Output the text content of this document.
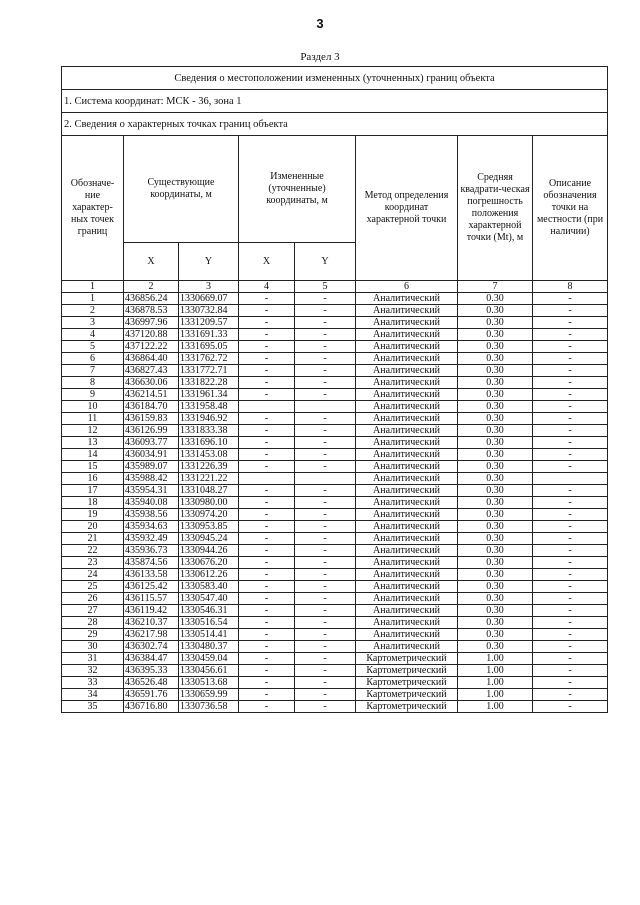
3
Раздел 3
Сведения о местоположении измененных (уточненных) границ объекта							
1. Система координат: МСК - 36, зона 1							
2. Сведения о характерных точках границ объекта							
Обозначе-ние характер-ных точек границ	Существующие координаты, м		Измененные (уточненные) координаты, м		Метод определения координат характерной точки	Средняя квадрати-ческая погрешность положения характерной точки (Mt), м	Описание обозначения точки на местности (при наличии)
	X	Y	X	Y			
1	2	3	4	5	6	7	8
1	436856.24	1330669.07	-	-	Аналитический	0.30	-
2	436878.53	1330732.84	-	-	Аналитический	0.30	-
3	436997.96	1331209.57	-	-	Аналитический	0.30	-
4	437120.88	1331691.33	-	-	Аналитический	0.30	-
5	437122.22	1331695.05	-	-	Аналитический	0.30	-
6	436864.40	1331762.72	-	-	Аналитический	0.30	-
7	436827.43	1331772.71	-	-	Аналитический	0.30	-
8	436630.06	1331822.28	-	-	Аналитический	0.30	-
9	436214.51	1331961.34	-	-	Аналитический	0.30	-
10	436184.70	1331958.48			Аналитический	0.30	-
11	436159.83	1331946.92	-	-	Аналитический	0.30	-
12	436126.99	1331833.38	-	-	Аналитический	0.30	-
13	436093.77	1331696.10	-	-	Аналитический	0.30	-
14	436034.91	1331453.08	-	-	Аналитический	0.30	-
15	435989.07	1331226.39	-	-	Аналитический	0.30	-
16	435988.42	1331221.22			Аналитический	0.30	
17	435954.31	1331048.27	-	-	Аналитический	0.30	-
18	435940.08	1330980.00	-	-	Аналитический	0.30	-
19	435938.56	1330974.20	-	-	Аналитический	0.30	-
20	435934.63	1330953.85	-	-	Аналитический	0.30	-
21	435932.49	1330945.24	-	-	Аналитический	0.30	-
22	435936.73	1330944.26	-	-	Аналитический	0.30	-
23	435874.56	1330676.20	-	-	Аналитический	0.30	-
24	436133.58	1330612.26	-	-	Аналитический	0.30	-
25	436125.42	1330583.40	-	-	Аналитический	0.30	-
26	436115.57	1330547.40	-	-	Аналитический	0.30	-
27	436119.42	1330546.31	-	-	Аналитический	0.30	-
28	436210.37	1330516.54	-	-	Аналитический	0.30	-
29	436217.98	1330514.41	-	-	Аналитический	0.30	-
30	436302.74	1330480.37	-	-	Аналитический	0.30	-
31	436384.47	1330459.04	-	-	Картометрический	1.00	-
32	436395.33	1330456.61	-	-	Картометрический	1.00	-
33	436526.48	1330513.68	-	-	Картометрический	1.00	-
34	436591.76	1330659.99	-	-	Картометрический	1.00	-
35	436716.80	1330736.58	-	-	Картометрический	1.00	-
